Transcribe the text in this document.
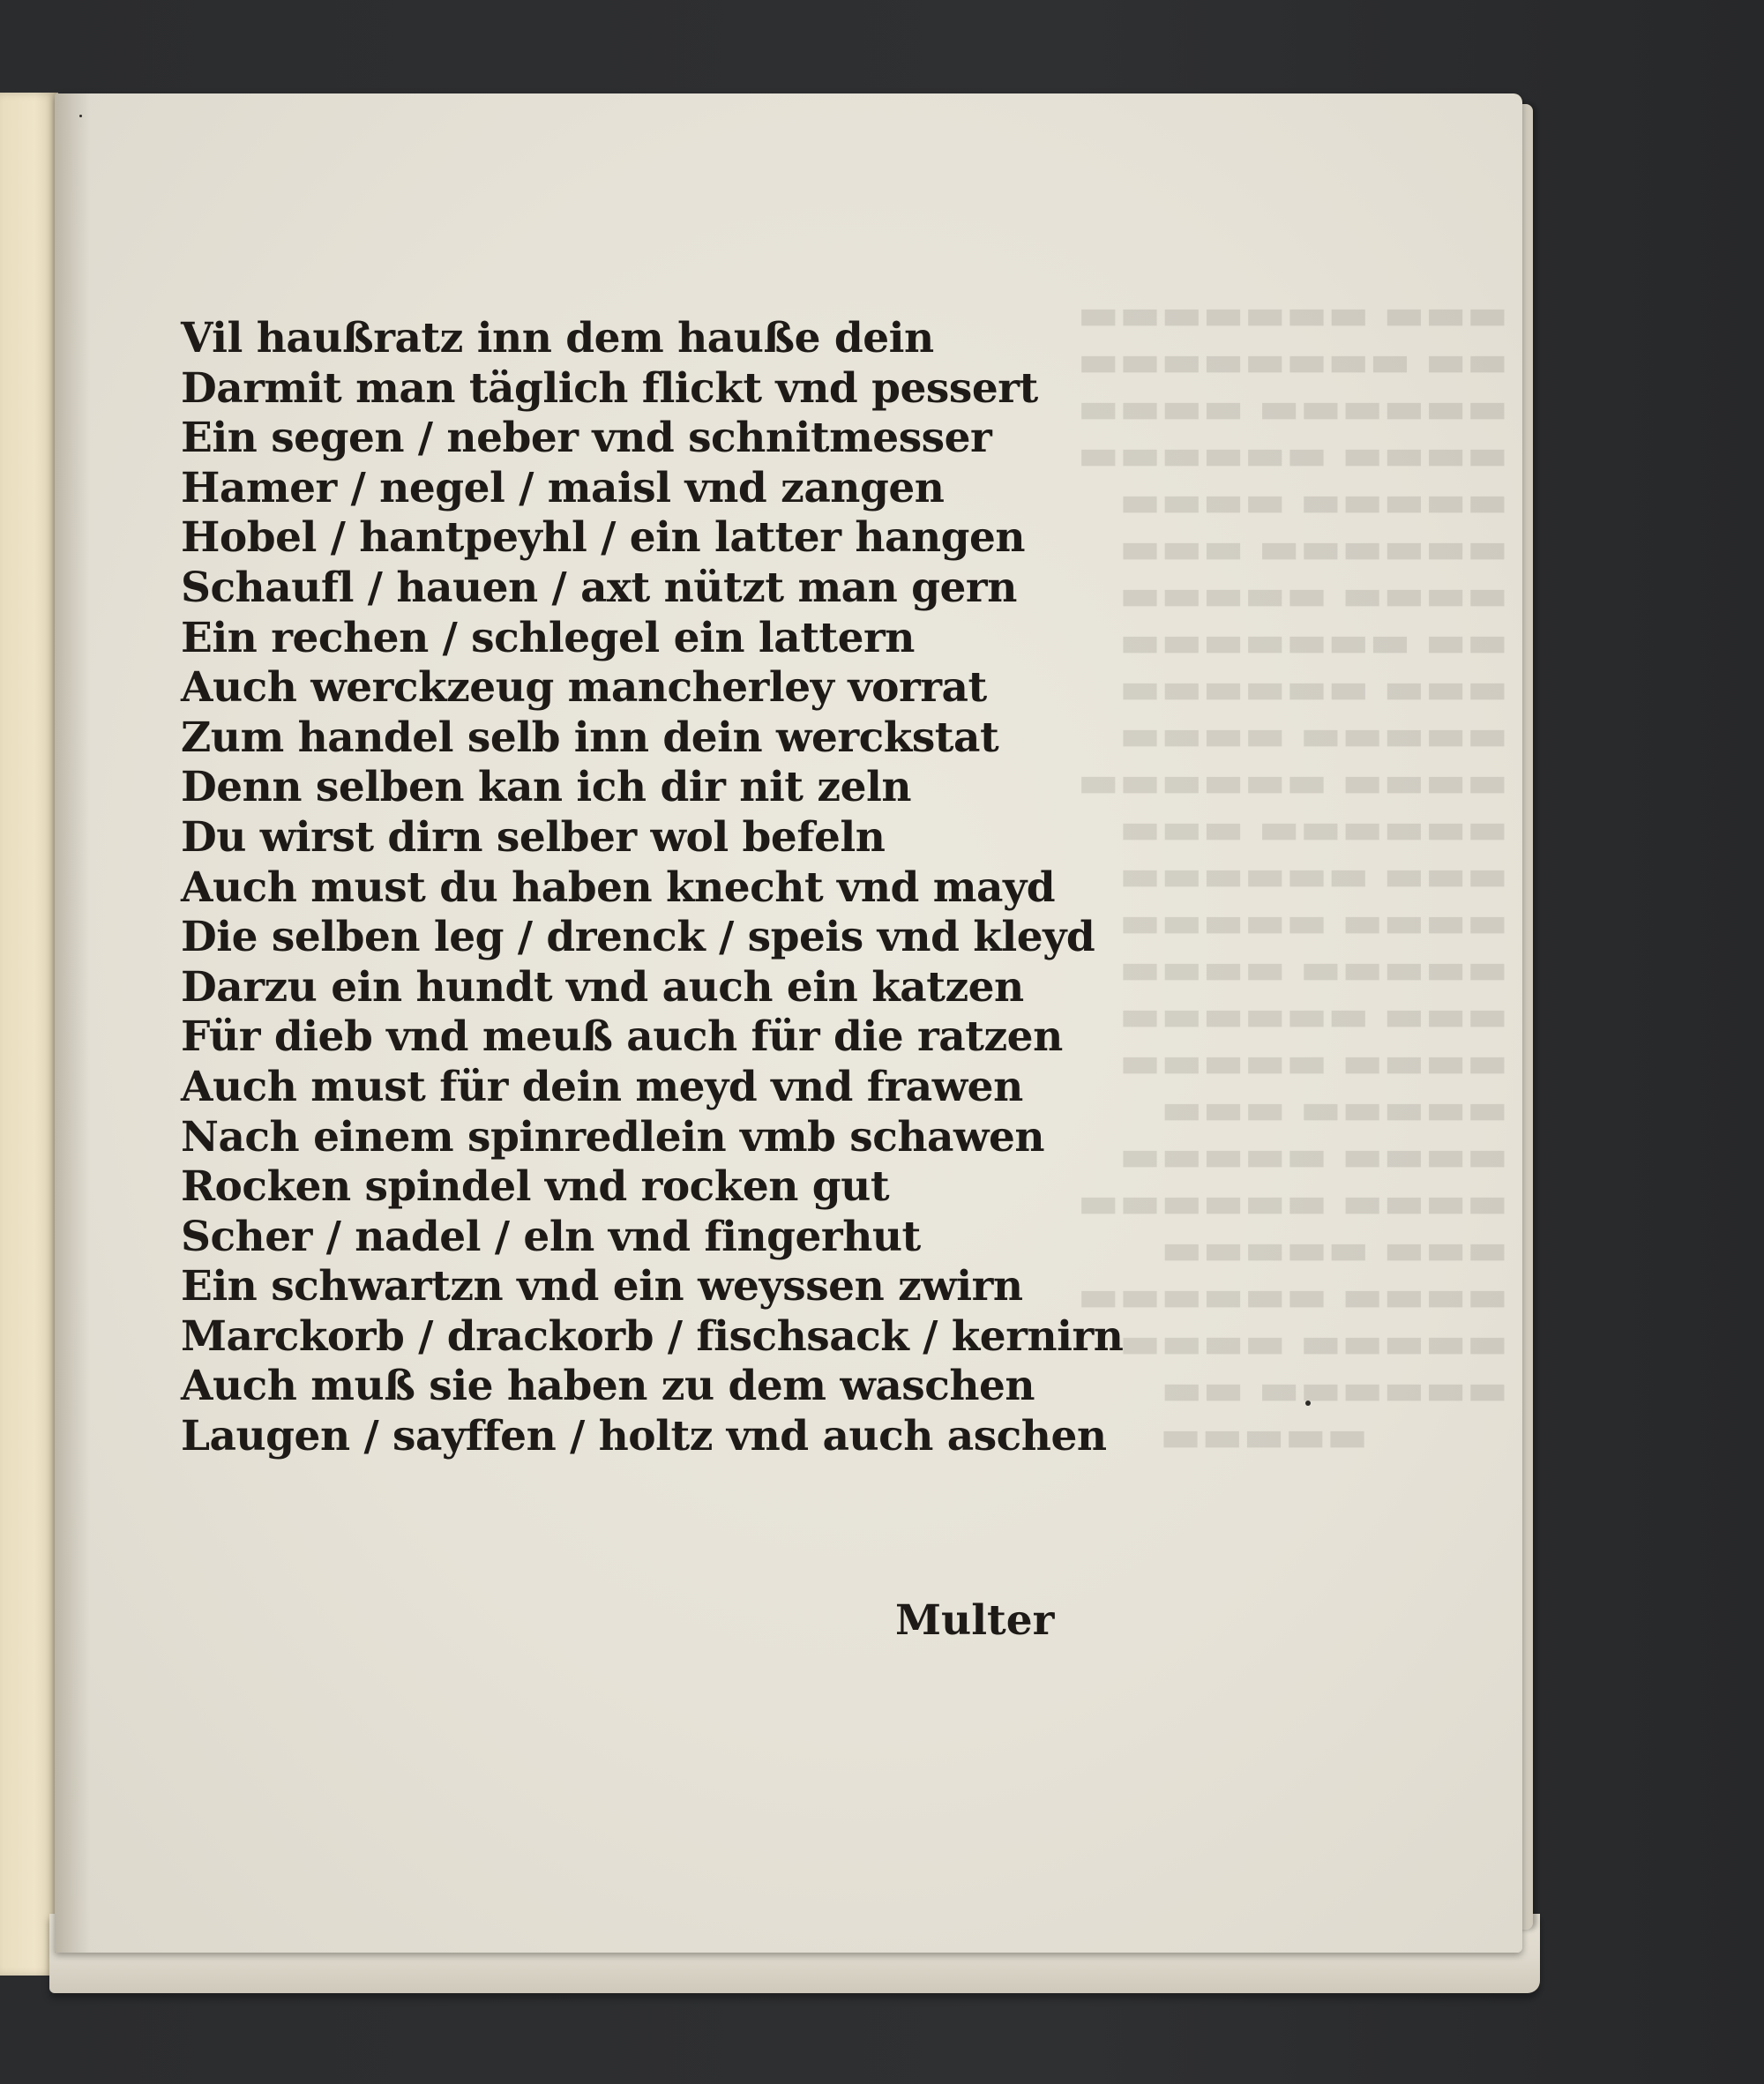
Vil haußratz inn dem hauße dein
Darmit man täglich flickt vnd pessert
Ein segen / neber vnd schnitmesser
Hamer / negel / maisl vnd zangen
Hobel / hantpeyhl / ein latter hangen
Schaufl / hauen / axt nützt man gern
Ein rechen / schlegel ein lattern
Auch werckzeug mancherley vorrat
Zum handel selb inn dein werckstat
Denn selben kan ich dir nit zeln
Du wirst dirn selber wol befeln
Auch must du haben knecht vnd mayd
Die selben leg / drenck / speis vnd kleyd
Darzu ein hundt vnd auch ein katzen
Für dieb vnd meuß auch für die ratzen
Auch must für dein meyd vnd frawen
Nach einem spinredlein vmb schawen
Rocken spindel vnd rocken gut
Scher / nadel / eln vnd fingerhut
Ein schwartzn vnd ein weyssen zwirn
Marckorb / drackorb / fischsack / kernirn
Auch muß sie haben zu dem waschen
Laugen / sayffen / holtz vnd auch aschen
Multer
